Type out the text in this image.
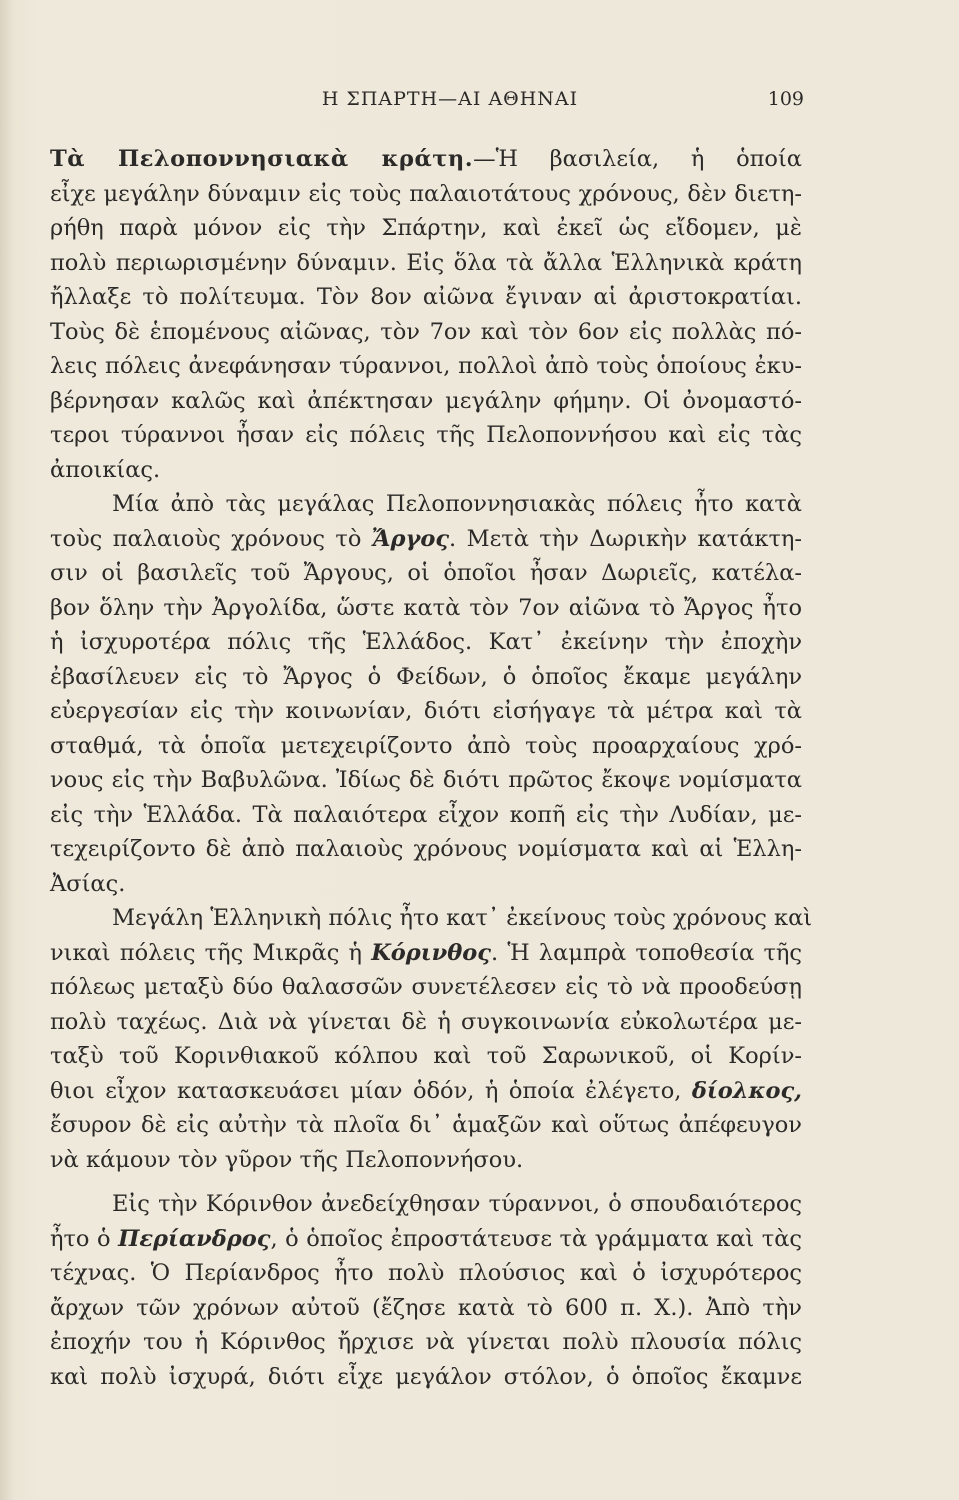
Η ΣΠΑΡΤΗ—ΑΙ ΑΘΗΝΑΙ	109
Τὰ Πελοποννησιακὰ κράτη.—Ἡ βασιλεία, ἡ ὁποία
εἶχε μεγάλην δύναμιν εἰς τοὺς παλαιοτάτους χρόνους, δὲν διετη-
ρήθη παρὰ μόνον εἰς τὴν Σπάρτην, καὶ ἐκεῖ ὡς εἴδομεν, μὲ
πολὺ περιωρισμένην δύναμιν. Εἰς ὅλα τὰ ἄλλα Ἑλληνικὰ κράτη
ἤλλαξε τὸ πολίτευμα. Τὸν 8ον αἰῶνα ἔγιναν αἱ ἀριστοκρατίαι.
Τοὺς δὲ ἑπομένους αἰῶνας, τὸν 7ον καὶ τὸν 6ον εἰς πολλὰς πό-
λεις πόλεις ἀνεφάνησαν τύραννοι, πολλοὶ ἀπὸ τοὺς ὁποίους ἐκυ-
βέρνησαν καλῶς καὶ ἀπέκτησαν μεγάλην φήμην. Οἱ ὀνομαστό-
τεροι τύραννοι ἦσαν εἰς πόλεις τῆς Πελοποννήσου καὶ εἰς τὰς
ἀποικίας.
Μία ἀπὸ τὰς μεγάλας Πελοποννησιακὰς πόλεις ἦτο κατὰ
τοὺς παλαιοὺς χρόνους τὸ Ἄργος. Μετὰ τὴν Δωρικὴν κατάκτη-
σιν οἱ βασιλεῖς τοῦ Ἄργους, οἱ ὁποῖοι ἦσαν Δωριεῖς, κατέλα-
βον ὅλην τὴν Ἀργολίδα, ὥστε κατὰ τὸν 7ον αἰῶνα τὸ Ἄργος ἦτο
ἡ ἰσχυροτέρα πόλις τῆς Ἑλλάδος. Κατ᾽ ἐκείνην τὴν ἐποχὴν
ἐβασίλευεν εἰς τὸ Ἄργος ὁ Φείδων, ὁ ὁποῖος ἔκαμε μεγάλην
εὐεργεσίαν εἰς τὴν κοινωνίαν, διότι εἰσήγαγε τὰ μέτρα καὶ τὰ
σταθμά, τὰ ὁποῖα μετεχειρίζοντο ἀπὸ τοὺς προαρχαίους χρό-
νους εἰς τὴν Βαβυλῶνα. Ἰδίως δὲ διότι πρῶτος ἔκοψε νομίσματα
εἰς τὴν Ἑλλάδα. Τὰ παλαιότερα εἶχον κοπῆ εἰς τὴν Λυδίαν, με-
τεχειρίζοντο δὲ ἀπὸ παλαιοὺς χρόνους νομίσματα καὶ αἱ Ἑλλη-
Ἀσίας.
Μεγάλη Ἑλληνικὴ πόλις ἦτο κατ᾽ ἐκείνους τοὺς χρόνους καὶ
νικαὶ πόλεις τῆς Μικρᾶς ἡ Κόρινθος. Ἡ λαμπρὰ τοποθεσία τῆς
πόλεως μεταξὺ δύο θαλασσῶν συνετέλεσεν εἰς τὸ νὰ προοδεύσῃ
πολὺ ταχέως. Διὰ νὰ γίνεται δὲ ἡ συγκοινωνία εὐκολωτέρα με-
ταξὺ τοῦ Κορινθιακοῦ κόλπου καὶ τοῦ Σαρωνικοῦ, οἱ Κορίν-
θιοι εἶχον κατασκευάσει μίαν ὁδόν, ἡ ὁποία ἐλέγετο, δίολκος,
ἔσυρον δὲ εἰς αὐτὴν τὰ πλοῖα δι᾽ ἁμαξῶν καὶ οὕτως ἀπέφευγον
νὰ κάμουν τὸν γῦρον τῆς Πελοποννήσου.
Εἰς τὴν Κόρινθον ἀνεδείχθησαν τύραννοι, ὁ σπουδαιότερος
ἦτο ὁ Περίανδρος, ὁ ὁποῖος ἐπροστάτευσε τὰ γράμματα καὶ τὰς
τέχνας. Ὁ Περίανδρος ἦτο πολὺ πλούσιος καὶ ὁ ἰσχυρότερος
ἄρχων τῶν χρόνων αὐτοῦ (ἔζησε κατὰ τὸ 600 π. Χ.). Ἀπὸ τὴν
ἐποχήν του ἡ Κόρινθος ἤρχισε νὰ γίνεται πολὺ πλουσία πόλις
καὶ πολὺ ἰσχυρά, διότι εἶχε μεγάλον στόλον, ὁ ὁποῖος ἔκαμνε
